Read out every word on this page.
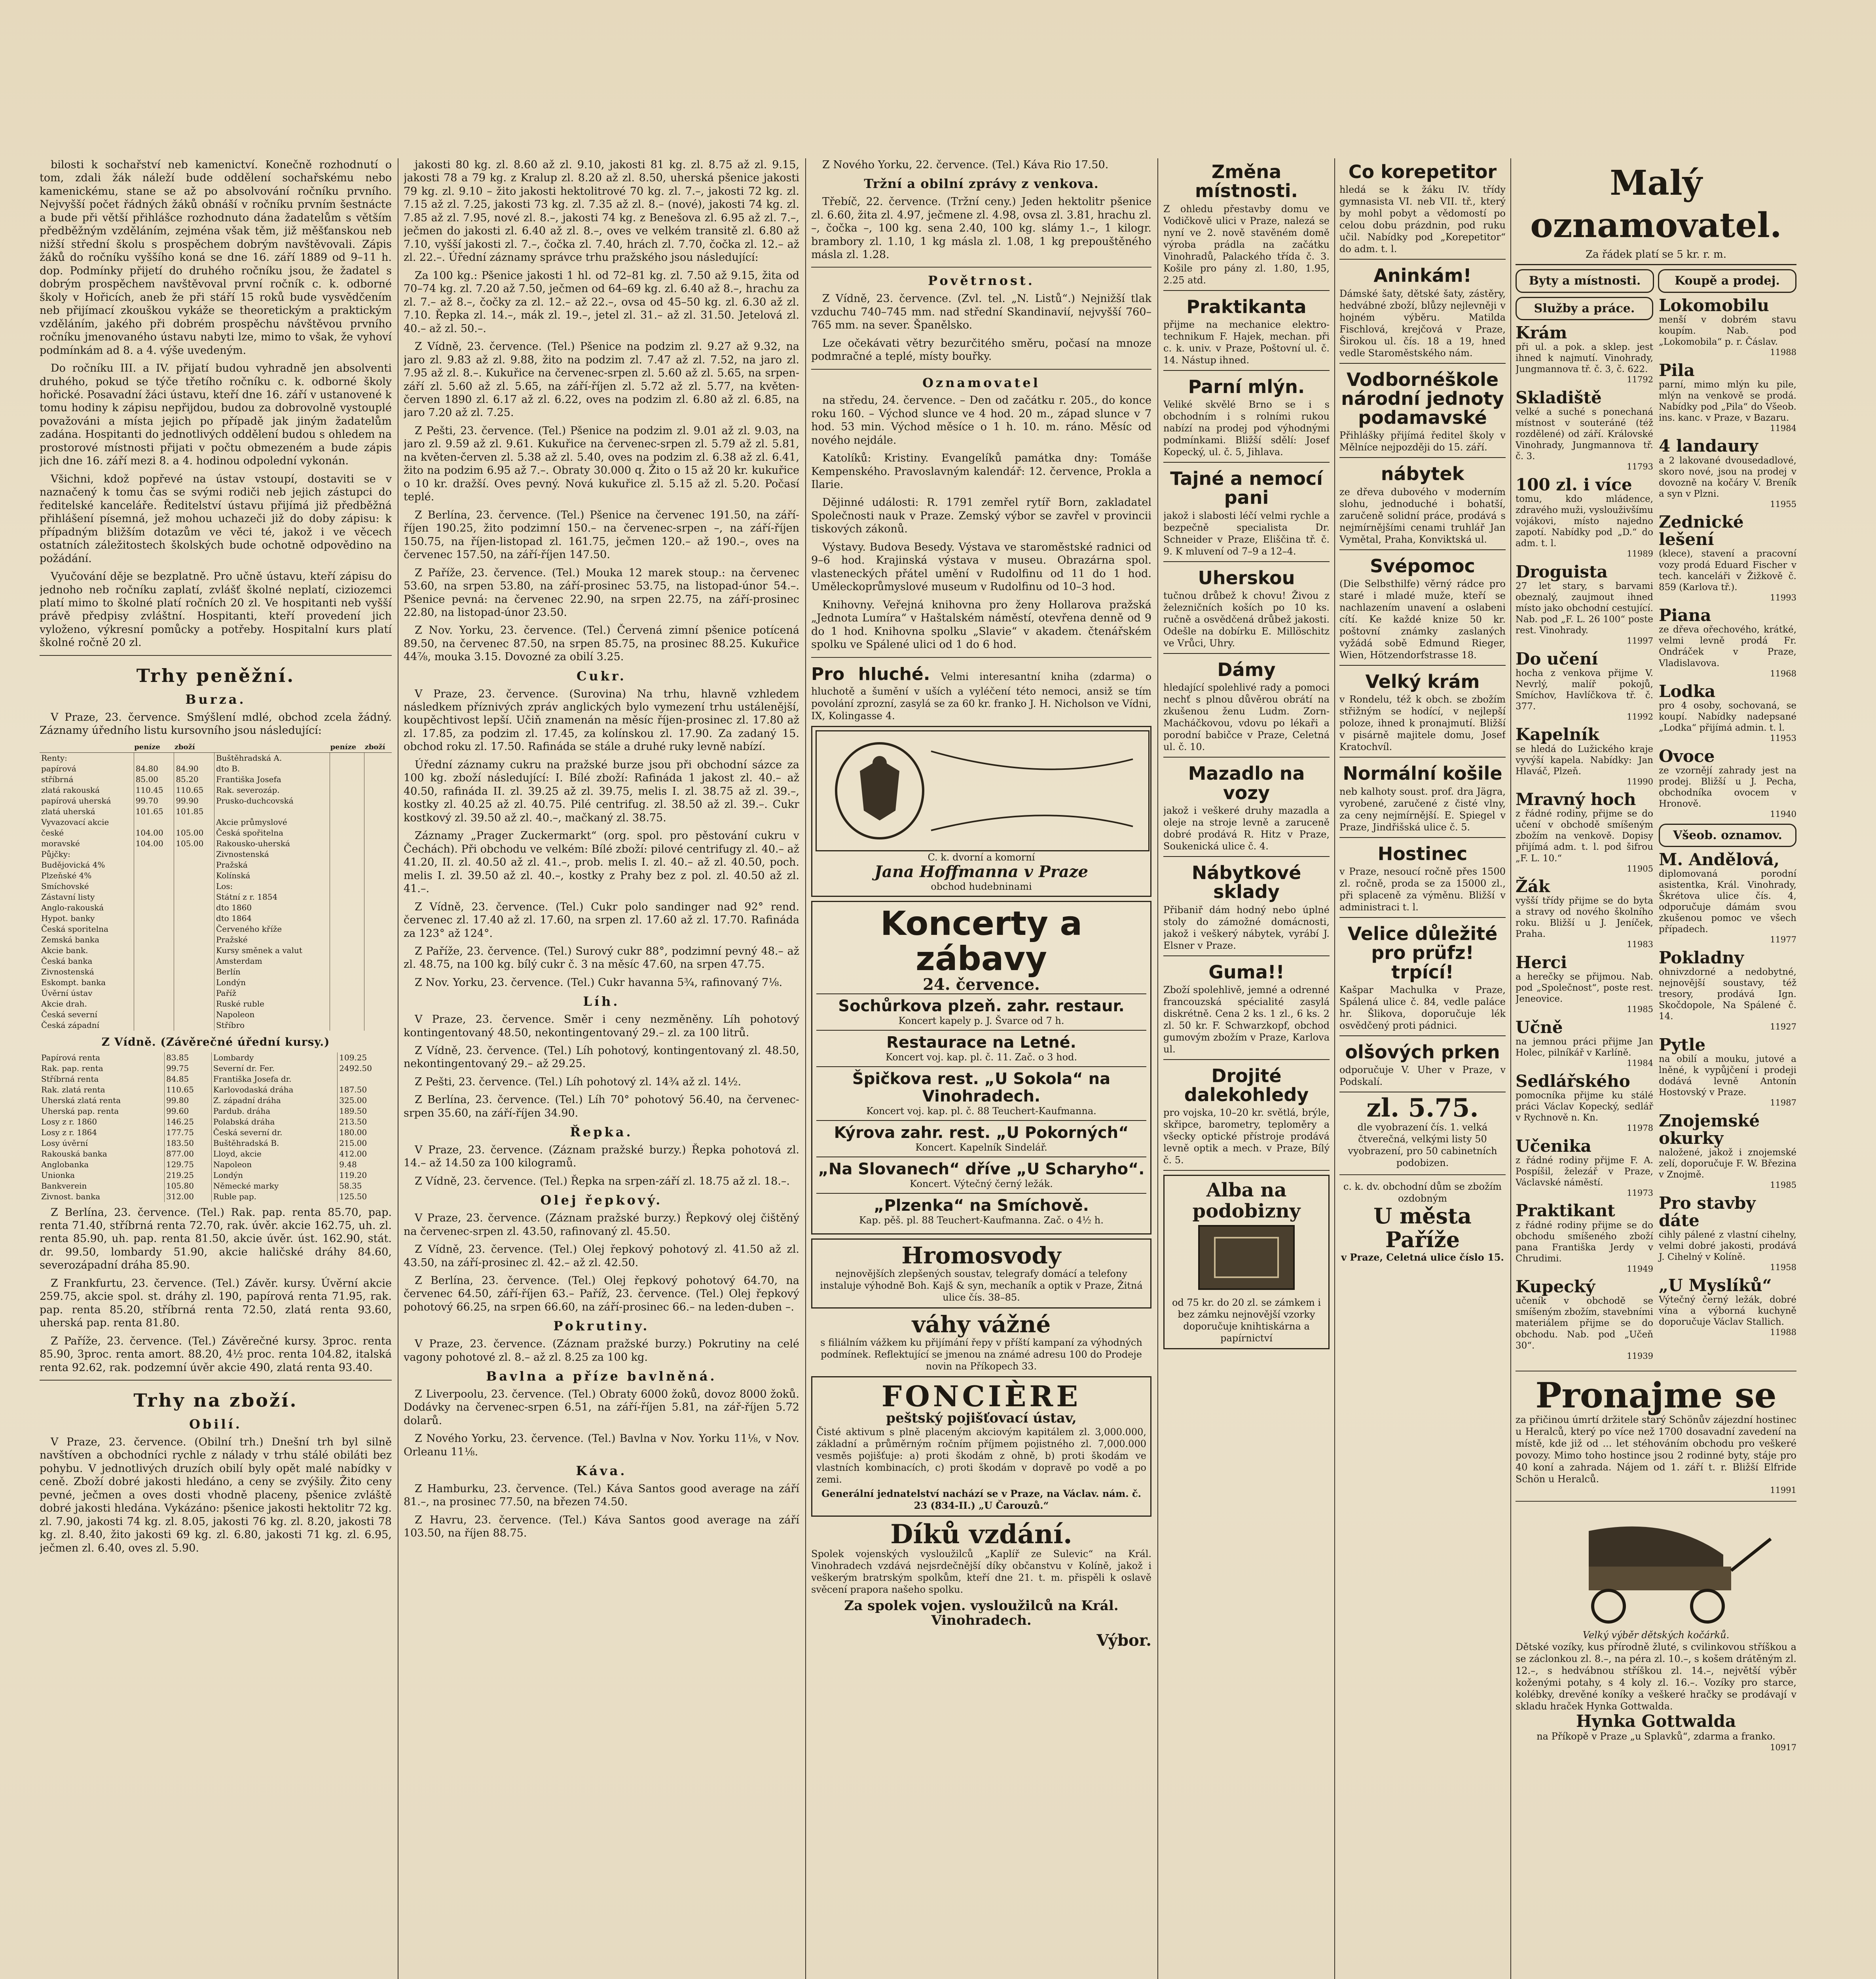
bilosti k sochařství neb kamenictví. Konečně rozhodnutí o tom, zdali žák náleží bude oddělení sochařskému nebo kamenickému, stane se až po absolvování ročníku prvního. Nejvyšší počet řádných žáků obnáší v ročníku prvním šestnácte a bude při větší přihlášce rozhodnuto dána žadatelům s větším předběžným vzděláním, zejména však těm, již měšťanskou neb nižší střední školu s prospěchem dobrým navštěvovali. Zápis žáků do ročníku vyššího koná se dne 16. září 1889 od 9–11 h. dop. Podmínky přijetí do druhého ročníku jsou, že žadatel s dobrým prospěchem navštěvoval první ročník c. k. odborné školy v Hořicích, aneb že při stáří 15 roků bude vysvědčením neb přijímací zkouškou vykáže se theoretickým a praktickým vzděláním, jakého při dobrém prospěchu návštěvou prvního ročníku jmenovaného ústavu nabyti lze, mimo to však, že vyhoví podmínkám ad 8. a 4. výše uvedeným.

Do ročníku III. a IV. přijatí budou vyhradně jen absolventi druhého, pokud se týče třetího ročníku c. k. odborné školy hořické. Posavadní žáci ústavu, kteří dne 16. září v ustanovené k tomu hodiny k zápisu nepřijdou, budou za dobrovolně vystouplé považováni a místa jejich po případě jak jiným žadatelům zadána. Hospitanti do jednotlivých oddělení budou s ohledem na prostorové místnosti přijati v počtu obmezeném a bude zápis jich dne 16. září mezi 8. a 4. hodinou odpolední vykonán.

Všichni, kdož popřevé na ústav vstoupí, dostaviti se v naznačený k tomu čas se svými rodiči neb jejich zástupci do ředitelské kanceláře. Ředitelství ústavu přijímá již předběžná přihlášení písemná, jež mohou uchazeči již do doby zápisu: k případným bližším dotazům ve věci té, jakož i ve věcech ostatních záležitostech školských bude ochotně odpovědino na požádání.

Vyučování děje se bezplatně. Pro učně ústavu, kteří zápisu do jednoho neb ročníku zaplatí, zvlášť školné neplatí, ciziozemci platí mimo to školné platí ročních 20 zl. Ve hospitanti neb vyšší právě předpisy zvláštní. Hospitanti, kteří provedení jich vyloženo, výkresní pomůcky a potřeby. Hospitalní kurs platí školné ročně 20 zl.

Trhy peněžní.
Burza.

V Praze, 23. července. Smýšlení mdlé, obchod zcela žádný. Záznamy úředního listu kursovního jsou následující:

	peníze	zboží		peníze	zboží
Renty:			Buštěhradská A.		
papírová	84.80	84.90	dto B.		
stříbrná	85.00	85.20	Františka Josefa		
zlatá rakouská	110.45	110.65	Rak. severozáp.		
papírová uherská	99.70	99.90	Prusko-duchcovská		
zlatá uherská	101.65	101.85			
Vyvazovací akcie			Akcie průmyslové		
české	104.00	105.00	Česká spořitelna		
moravské	104.00	105.00	Rakousko-uherská		
Půjčky:			Zivnostenská		
Budějovická 4%			Pražská		
Plzeňské 4%			Kolínská		
Smíchovské			Los:		
Zástavní listy			Státní z r. 1854		
Anglo-rakouská			dto 1860		
Hypot. banky			dto 1864		
Česká sporitelna			Červeného kříže		
Zemská banka			Pražské		
Akcie bank.			Kursy směnek a valut		
Česká banka			Amsterdam		
Zivnostenská			Berlín		
Eskompt. banka			Londýn		
Úvěrní ústav			Paříž		
Akcie drah.			Ruské ruble		
Česká severní			Napoleon		
Česká západní			Stříbro		
Z Vídně. (Závěrečné úřední kursy.)
Papírová renta	83.85	Lombardy	109.25
Rak. pap. renta	99.75	Severní dr. Fer.	2492.50
Stříbrná renta	84.85	Františka Josefa dr.	
Rak. zlatá renta	110.65	Karlovodaská dráha	187.50
Uherská zlatá renta	99.80	Z. západní dráha	325.00
Uherská pap. renta	99.60	Pardub. dráha	189.50
Losy z r. 1860	146.25	Polabská dráha	213.50
Losy z r. 1864	177.75	Česká severní dr.	180.00
Losy úvěrní	183.50	Buštěhradská B.	215.00
Rakouská banka	877.00	Lloyd, akcie	412.00
Anglobanka	129.75	Napoleon	9.48
Unionka	219.25	Londýn	119.20
Bankverein	105.80	Německé marky	58.35
Zivnost. banka	312.00	Ruble pap.	125.50

Z Berlína, 23. července. (Tel.) Rak. pap. renta 85.70, pap. renta 71.40, stříbrná renta 72.70, rak. úvěr. akcie 162.75, uh. zl. renta 85.90, uh. pap. renta 81.50, akcie úvěr. úst. 162.90, stát. dr. 99.50, lombardy 51.90, akcie haličské dráhy 84.60, severozápadní dráha 85.90.

Z Frankfurtu, 23. července. (Tel.) Závěr. kursy. Úvěrní akcie 259.75, akcie spol. st. dráhy zl. 190, papírová renta 71.95, rak. pap. renta 85.20, stříbrná renta 72.50, zlatá renta 93.60, uherská pap. renta 81.80.

Z Paříže, 23. července. (Tel.) Závěrečné kursy. 3proc. renta 85.90, 3proc. renta amort. 88.20, 4½ proc. renta 104.82, italská renta 92.62, rak. podzemní úvěr akcie 490, zlatá renta 93.40.

Trhy na zboží.
Obilí.

V Praze, 23. července. (Obilní trh.) Dnešní trh byl silně navštíven a obchodníci rychle z nálady v trhu stálé obiláti bez pohybu. V jednotlivých druzích obilí byly opět malé nabídky v ceně. Zboží dobré jakosti hledáno, a ceny se zvýšily. Žito ceny pevné, ječmen a oves dosti vhodně placeny, pšenice zvláště dobré jakosti hledána. Vykázáno: pšenice jakosti hektolitr 72 kg. zl. 7.90, jakosti 74 kg. zl. 8.05, jakosti 76 kg. zl. 8.20, jakosti 78 kg. zl. 8.40, žito jakosti 69 kg. zl. 6.80, jakosti 71 kg. zl. 6.95, ječmen zl. 6.40, oves zl. 5.90.

jakosti 80 kg. zl. 8.60 až zl. 9.10, jakosti 81 kg. zl. 8.75 až zl. 9.15, jakosti 78 a 79 kg. z Kralup zl. 8.20 až zl. 8.50, uherská pšenice jakosti 79 kg. zl. 9.10 – žito jakosti hektolitrové 70 kg. zl. 7.–, jakosti 72 kg. zl. 7.15 až zl. 7.25, jakosti 73 kg. zl. 7.35 až zl. 8.– (nové), jakosti 74 kg. zl. 7.85 až zl. 7.95, nové zl. 8.–, jakosti 74 kg. z Benešova zl. 6.95 až zl. 7.–, ječmen do jakosti zl. 6.40 až zl. 8.–, oves ve velkém transitě zl. 6.80 až 7.10, vyšší jakosti zl. 7.–, čočka zl. 7.40, hrách zl. 7.70, čočka zl. 12.– až zl. 22.–. Úřední záznamy správce trhu pražského jsou následující:

Za 100 kg.: Pšenice jakosti 1 hl. od 72–81 kg. zl. 7.50 až 9.15, žita od 70–74 kg. zl. 7.20 až 7.50, ječmen od 64–69 kg. zl. 6.40 až 8.–, hrachu za zl. 7.– až 8.–, čočky za zl. 12.– až 22.–, ovsa od 45–50 kg. zl. 6.30 až zl. 7.10. Řepka zl. 14.–, mák zl. 19.–, jetel zl. 31.– až zl. 31.50. Jetelová zl. 40.– až zl. 50.–.

Z Vídně, 23. července. (Tel.) Pšenice na podzim zl. 9.27 až 9.32, na jaro zl. 9.83 až zl. 9.88, žito na podzim zl. 7.47 až zl. 7.52, na jaro zl. 7.95 až zl. 8.–. Kukuřice na červenec-srpen zl. 5.60 až zl. 5.65, na srpen-září zl. 5.60 až zl. 5.65, na září-říjen zl. 5.72 až zl. 5.77, na květen-červen 1890 zl. 6.17 až zl. 6.22, oves na podzim zl. 6.80 až zl. 6.85, na jaro 7.20 až zl. 7.25.

Z Pešti, 23. července. (Tel.) Pšenice na podzim zl. 9.01 až zl. 9.03, na jaro zl. 9.59 až zl. 9.61. Kukuřice na červenec-srpen zl. 5.79 až zl. 5.81, na květen-červen zl. 5.38 až zl. 5.40, oves na podzim zl. 6.38 až zl. 6.41, žito na podzim 6.95 až 7.–. Obraty 30.000 q. Žito o 15 až 20 kr. kukuřice o 10 kr. dražší. Oves pevný. Nová kukuřice zl. 5.15 až zl. 5.20. Počasí teplé.

Z Berlína, 23. července. (Tel.) Pšenice na červenec 191.50, na září-říjen 190.25, žito podzimní 150.– na červenec-srpen –, na září-říjen 150.75, na říjen-listopad zl. 161.75, ječmen 120.– až 190.–, oves na červenec 157.50, na září-říjen 147.50.

Z Paříže, 23. července. (Tel.) Mouka 12 marek stoup.: na červenec 53.60, na srpen 53.80, na září-prosinec 53.75, na listopad-únor 54.–. Pšenice pevná: na červenec 22.90, na srpen 22.75, na září-prosinec 22.80, na listopad-únor 23.50.

Z Nov. Yorku, 23. července. (Tel.) Červená zimní pšenice potícená 89.50, na červenec 87.50, na srpen 85.75, na prosinec 88.25. Kukuřice 44⅞, mouka 3.15. Dovozné za obilí 3.25.

Cukr.

V Praze, 23. července. (Surovina) Na trhu, hlavně vzhledem následkem příznivých zpráv anglických bylo vymezení trhu ustálenější, koupěchtivost lepší. Učiň znamenán na měsíc říjen-prosinec zl. 17.80 až zl. 17.85, za podzim zl. 17.45, za kolínskou zl. 17.90. Za zadaný 15. obchod roku zl. 17.50. Rafináda se stále a druhé ruky levně nabízí.

Úřední záznamy cukru na pražské burze jsou při obchodní sázce za 100 kg. zboží následující: I. Bílé zboží: Rafináda 1 jakost zl. 40.– až 40.50, rafináda II. zl. 39.25 až zl. 39.75, melis I. zl. 38.75 až zl. 39.–, kostky zl. 40.25 až zl. 40.75. Pilé centrifug. zl. 38.50 až zl. 39.–. Cukr kostkový zl. 39.50 až zl. 40.–, mačkaný zl. 38.75.

Záznamy „Prager Zuckermarkt“ (org. spol. pro pěstování cukru v Čechách). Při obchodu ve velkém: Bílé zboží: pilové centrifugy zl. 40.– až 41.20, II. zl. 40.50 až zl. 41.–, prob. melis I. zl. 40.– až zl. 40.50, poch. melis I. zl. 39.50 až zl. 40.–, kostky z Prahy bez z pol. zl. 40.50 až zl. 41.–.

Z Vídně, 23. července. (Tel.) Cukr polo sandinger nad 92° rend. červenec zl. 17.40 až zl. 17.60, na srpen zl. 17.60 až zl. 17.70. Rafináda za 123° až 124°.

Z Paříže, 23. července. (Tel.) Surový cukr 88°, podzimní pevný 48.– až zl. 48.75, na 100 kg. bílý cukr č. 3 na měsíc 47.60, na srpen 47.75.

Z Nov. Yorku, 23. července. (Tel.) Cukr havanna 5¾, rafinovaný 7⅛.

Líh.

V Praze, 23. července. Směr i ceny nezměněny. Líh pohotový kontingentovaný 48.50, nekontingentovaný 29.– zl. za 100 litrů.

Z Vídně, 23. července. (Tel.) Líh pohotový, kontingentovaný zl. 48.50, nekontingentovaný 29.– až 29.25.

Z Pešti, 23. července. (Tel.) Líh pohotový zl. 14¾ až zl. 14½.

Z Berlína, 23. července. (Tel.) Líh 70° pohotový 56.40, na červenec-srpen 35.60, na září-říjen 34.90.

Řepka.

V Praze, 23. července. (Záznam pražské burzy.) Řepka pohotová zl. 14.– až 14.50 za 100 kilogramů.

Z Vídně, 23. července. (Tel.) Řepka na srpen-září zl. 18.75 až zl. 18.–.

Olej řepkový.

V Praze, 23. července. (Záznam pražské burzy.) Řepkový olej čištěný na červenec-srpen zl. 43.50, rafinovaný zl. 45.50.

Z Vídně, 23. července. (Tel.) Olej řepkový pohotový zl. 41.50 až zl. 43.50, na září-prosinec zl. 42.– až zl. 42.50.

Z Berlína, 23. července. (Tel.) Olej řepkový pohotový 64.70, na červenec 64.50, září-říjen 63.– Paříž, 23. července. (Tel.) Olej řepkový pohotový 66.25, na srpen 66.60, na září-prosinec 66.– na leden-duben –.

Pokrutiny.

V Praze, 23. července. (Záznam pražské burzy.) Pokrutiny na celé vagony pohotové zl. 8.– až zl. 8.25 za 100 kg.

Bavlna a příze bavlněná.

Z Liverpoolu, 23. července. (Tel.) Obraty 6000 žoků, dovoz 8000 žoků. Dodávky na červenec-srpen 6.51, na září-říjen 5.81, na zář-říjen 5.72 dolarů.

Z Nového Yorku, 23. července. (Tel.) Bavlna v Nov. Yorku 11⅛, v Nov. Orleanu 11⅛.

Káva.

Z Hamburku, 23. července. (Tel.) Káva Santos good average na září 81.–, na prosinec 77.50, na březen 74.50.

Z Havru, 23. července. (Tel.) Káva Santos good average na září 103.50, na říjen 88.75.

Z Nového Yorku, 22. července. (Tel.) Káva Rio 17.50.

Tržní a obilní zprávy z venkova.

Třebíč, 22. července. (Tržní ceny.) Jeden hektolitr pšenice zl. 6.60, žita zl. 4.97, ječmene zl. 4.98, ovsa zl. 3.81, hrachu zl. –, čočka –, 100 kg. sena 2.40, 100 kg. slámy 1.–, 1 kilogr. brambory zl. 1.10, 1 kg másla zl. 1.08, 1 kg prepouštěného másla zl. 1.28.

Povětrnost.

Z Vídně, 23. července. (Zvl. tel. „N. Listů“.) Nejnižší tlak vzduchu 740–745 mm. nad střední Skandinavií, nejvyšší 760–765 mm. na sever. Španělsko.

Lze očekávati větry bezurčitého směru, počasí na mnoze podmračné a teplé, místy bouřky.

Oznamovatel

na středu, 24. července. – Den od začátku r. 205., do konce roku 160. – Východ slunce ve 4 hod. 20 m., západ slunce v 7 hod. 53 min. Východ měsíce o 1 h. 10. m. ráno. Měsíc od nového nejdále.

Katolíků: Kristiny. Evangelíků památka dny: Tomáše Kempenského. Pravoslavným kalendář: 12. července, Prokla a Ilarie.

Dějinné události: R. 1791 zemřel rytíř Born, zakladatel Společnosti nauk v Praze. Zemský výbor se zavřel v provincii tiskových zákonů.

Výstavy. Budova Besedy. Výstava ve staroměstské radnici od 9–6 hod. Krajinská výstava v museu. Obrazárna spol. vlasteneckých přátel umění v Rudolfinu od 11 do 1 hod. Uměleckoprůmyslové museum v Rudolfinu od 10–3 hod.

Knihovny. Veřejná knihovna pro ženy Hollarova pražská „Jednota Lumíra“ v Haštalském náměstí, otevřena denně od 9 do 1 hod. Knihovna spolku „Slavie“ v akadem. čtenářském spolku ve Spálené ulici od 1 do 6 hod.

Pro hluché. Velmi interesantní kniha (zdarma) o hluchotě a šumění v uších a vyléčení této nemoci, ansiž se tím povolání zprozní, zasylá se za 60 kr. franko J. H. Nicholson ve Vídni, IX, Kolingasse 4.
C. k. dvorní a komorní
Jana Hoffmanna v Praze
obchod hudebninami
Koncerty a zábavy
24. července.
Sochůrkova plzeň. zahr. restaur.
Koncert kapely p. J. Švarce od 7 h.
Restaurace na Letné.
Koncert voj. kap. pl. č. 11. Zač. o 3 hod.
Špičkova rest. „U Sokola“ na Vinohradech.
Koncert voj. kap. pl. č. 88 Teuchert-Kaufmanna.
Kýrova zahr. rest. „U Pokorných“
Koncert. Kapelník Sindelář.
„Na Slovanech“ dříve „U Scharyho“.
Koncert. Výtečný černý ležák.
„Plzenka“ na Smíchově.
Kap. pěš. pl. 88 Teuchert-Kaufmanna. Zač. o 4½ h.
Hromosvody
nejnovějších zlepšených soustav, telegrafy domácí a telefony instaluje výhodně Boh. Kajš & syn, mechaník a optik v Praze, Žitná ulice čís. 38–85.
váhy vážné
s filiálním vážkem ku přijímání řepy v příští kampaní za výhodných podmínek. Reflektující se jmenou na známé adresu 100 do Prodeje novin na Příkopech 33.
FONCIÈRE
peštský pojišťovací ústav,
Čisté aktivum s plně placeným akciovým kapitálem zl. 3,000.000, základní a průměrným ročním příjmem pojistného zl. 7,000.000 vesměs pojišťuje: a) proti škodám z ohně, b) proti škodám ve vlastních kombinacích, c) proti škodám v dopravě po vodě a po zemi.
Generální jednatelství nachází se v Praze, na Václav. nám. č. 23 (834-II.) „U Čarouzů.“
Díků vzdání.
Spolek vojenských vysloužilců „Kaplíř ze Sulevic“ na Král. Vinohradech vzdává nejsrdečnější díky občanstvu v Kolíně, jakož i veškerým bratrským spolkům, kteří dne 21. t. m. přispěli k oslavě svěcení prapora našeho spolku.
Za spolek vojen. vysloužilců na Král. Vinohradech.
Výbor.
Změna místnosti.
Z ohledu přestavby domu ve Vodičkově ulici v Praze, nalezá se nyní ve 2. nově stavěném domě výroba prádla na začátku Vinohradů, Palackého třída č. 3. Košile pro pány zl. 1.80, 1.95, 2.25 atd.
Praktikanta
přijme na mechanice elektro-technikum F. Hajek, mechan. při c. k. univ. v Praze, Poštovní ul. č. 14. Nástup ihned.
Parní mlýn.
Veliké skvělé Brno se i s obchodním i s rolními rukou nabízí na prodej pod výhodnými podmínkami. Bližší sdělí: Josef Kopecký, ul. č. 5, Jihlava.
Tajné a nemocí pani
jakož i slabosti léčí velmi rychle a bezpečně specialista Dr. Schneider v Praze, Eliščina tř. č. 9. K mluvení od 7–9 a 12–4.
Uherskou
tučnou drůbež k chovu! Živou z železničních koších po 10 ks. ručně a osvědčená drůbež jakosti. Odešle na dobírku E. Millöschitz ve Vrůci, Uhry.
Dámy
hledající spolehlivé rady a pomoci nechť s plnou důvěrou obrátí na zkušenou ženu Ludm. Zorn-Macháčkovou, vdovu po lékaři a porodní babičce v Praze, Celetná ul. č. 10.
Mazadlo na vozy
jakož i veškeré druhy mazadla a oleje na stroje levně a zaruceně dobré prodává R. Hitz v Praze, Soukenická ulice č. 4.
Nábytkové sklady
Přibaniř dám hodný nebo úplné stoly do zámožné domácnosti, jakož i veškerý nábytek, vyrábí J. Elsner v Praze.
Guma!!
Zboží spolehlivě, jemné a odrenné francouzská spécialité zasylá diskrétně. Cena 2 ks. 1 zl., 6 ks. 2 zl. 50 kr. F. Schwarzkopf, obchod gumovým zbožím v Praze, Karlova ul.
Drojité dalekohledy
pro vojska, 10–20 kr. světlá, brýle, skřipce, barometry, teploměry a všecky optické přístroje prodává levně optik a mech. v Praze, Bílý č. 5.
Alba na podobizny
od 75 kr. do 20 zl. se zámkem i bez zámku nejnovější vzorky doporučuje knihtiskárna a papírnictví
Co korepetitor
hledá se k žáku IV. třídy gymnasista VI. neb VII. tř., který by mohl pobyt a vědomostí po celou dobu prázdnin, pod ruku učil. Nabídky pod „Korepetitor“ do adm. t. l.
Aninkám!
Dámské šaty, dětské šaty, zástěry, hedvábné zboží, blůzy nejlevněji v hojném výběru. Matilda Fischlová, krejčová v Praze, Širokou ul. čís. 18 a 19, hned vedle Staroměstského nám.
Vodbornéškole národní jednoty podamavské
Přihlášky přijímá ředitel školy v Mělníce nejpozději do 15. září.
nábytek
ze dřeva dubového v moderním slohu, jednoduché i bohatší, zaručeně solidní práce, prodává s nejmírnějšími cenami truhlář Jan Vymětal, Praha, Konviktská ul.
Svépomoc
(Die Selbsthilfe) věrný rádce pro staré i mladé muže, kteří se nachlazením unavení a oslabeni cítí. Ke každé knize 50 kr. poštovní známky zaslaných vyžádá sobě Edmund Rieger, Wien, Hötzendorfstrasse 18.
Velký krám
v Rondelu, též k obch. se zbožím střižným se hodící, v nejlepší poloze, ihned k pronajmutí. Bližší v pisárně majitele domu, Josef Kratochvíl.
Normální košile
neb kalhoty soust. prof. dra Jägra, vyrobené, zaručené z čisté vlny, za ceny nejmírnější. E. Spiegel v Praze, Jindřišská ulice č. 5.
Hostinec
v Praze, nesoucí ročně přes 1500 zl. ročně, proda se za 15000 zl., při splaceně za výměnu. Bližší v administraci t. l.
Velice důležité pro prüfz! trpící!
Kašpar Machulka v Praze, Spálená ulice č. 84, vedle paláce hr. Šlikova, doporučuje lék osvědčený proti pádnici.
olšových prken
odporučuje V. Uher v Praze, v Podskalí.
zl. 5.75.
dle vyobrazení čís. 1. velká čtverečná, velkými listy 50 vyobrazení, pro 50 cabinetních podobizen.
c. k. dv. obchodní dům se zbožím ozdobným
U města Paříže
v Praze, Celetná ulice číslo 15.
Malý oznamovatel.
Za řádek platí se 5 kr. r. m.
Byty a místnosti.	Koupě a prodej.
Služby a práce.
Krám
při ul. a pok. a sklep. jest ihned k najmutí. Vinohrady, Jungmannova tř. č. 3, č. 622.
11792
Skladiště
velké a suché s ponechaná místnost v souteráné (též rozdělené) od září. Královské Vinohrady, Jungmannova tř. č. 3.
11793
100 zl. i více
tomu, kdo mládence, zdravého muži, vyslouživšímu vojákovi, místo najedno zapotí. Nabídky pod „D.“ do adm. t. l.
11989
Droguista
27 let stary, s barvami obeznalý, zaujmout ihned místo jako obchodní cestující. Nab. pod „F. L. 26 100“ poste rest. Vinohrady.
11997
Do učení
hocha z venkova přijme V. Nevrlý, malíř pokojů, Smíchov, Havlíčkova tř. č. 377.
11992
Kapelník
se hledá do Lužického kraje vyvýší kapela. Nabídky: Jan Hlaváč, Plzeň.
11990
Mravný hoch
z řádné rodiny, přijme se do učení v obchodě smíšeným zbožím na venkově. Dopisy přijímá adm. t. l. pod šifrou „F. L. 10.“
11905
Žák
vyšší třídy přijme se do byta a stravy od nového školního roku. Bližší u J. Jeníček, Praha.
11983
Herci
a herečky se přijmou. Nab. pod „Společnost“, poste rest. Jeneovice.
11985
Učně
na jemnou práci přijme Jan Holec, pilníkář v Karlíně.
11984
Sedlářského
pomocníka přijme ku stálé práci Václav Kopecký, sedlář v Rychnově n. Kn.
11978
Učenika
z řádné rodiny přijme F. A. Pospíšil, železář v Praze, Václavské náměstí.
11973
Praktikant
z řádné rodiny přijme se do obchodu smíšeného zboží pana Františka Jerdy v Chrudimi.
11949
Kupecký
učeník v obchodě se smíšeným zbožím, stavebními materiálem přijme se do obchodu. Nab. pod „Učeň 30“.
11939
Lokomobilu
menší v dobrém stavu koupím. Nab. pod „Lokomobila“ p. r. Čáslav.
11988
Pila
parní, mimo mlýn ku pile, mlýn na venkově se prodá. Nabídky pod „Pila“ do Všeob. ins. kanc. v Praze, v Bazaru.
11984
4 landaury
a 2 lakované dvousedadlové, skoro nové, jsou na prodej v dovozně na kočáry V. Breník a syn v Plzni.
11955
Zednické lešení
(klece), stavení a pracovní vozy prodá Eduard Fischer v tech. kanceláři v Žižkově č. 859 (Karlova tř.).
11993
Piana
ze dřeva ořechového, krátké, velmi levně prodá Fr. Ondráček v Praze, Vladislavova.
11968
Lodka
pro 4 osoby, sochovaná, se koupí. Nabídky nadepsané „Lodka“ přijímá admin. t. l.
11953
Ovoce
ze vzornějí zahrady jest na prodej. Bližší u J. Pecha, obchodníka ovocem v Hronově.
11940
Všeob. oznamov.
M. Andělová,
diplomovaná porodní asistentka, Král. Vinohrady, Škrétova ulice čís. 4, odporučuje dámám svou zkušenou pomoc ve všech případech.
11977
Pokladny
ohnivzdorné a nedobytné, nejnovější soustavy, též tresory, prodává Ign. Skočdopole, Na Spálené č. 14.
11927
Pytle
na obilí a mouku, jutové a lněné, k vypůjčení i prodeji dodává levně Antonín Hostovský v Praze.
11987
Znojemské okurky
naložené, jakož i znojemské zelí, doporučuje F. W. Březina v Znojmě.
11985
Pro stavby dáte
cihly pálené z vlastní cihelny, velmi dobré jakosti, prodává J. Cihelný v Kolíně.
11958
„U Myslíků“
Výtečný černý ležák, dobré vína a výborná kuchyně doporučuje Václav Stallich.
11988
Pronajme se
za přičinou úmrtí držitele starý Schönův zájezdní hostinec u Heralců, který po více než 1700 dosavadní zavedení na místě, kde již od ... let stéhováním obchodu pro veškeré povozy. Mimo toho hostince jsou 2 rodinné byty, stáje pro 40 koní a zahrada. Nájem od 1. září t. r. Bližší Elfride Schön u Heralců.
11991
Velký výběr dětských kočárků.
Dětské vozíky, kus přírodně žluté, s cvilinkovou stříškou a se záclonkou zl. 8.–, na péra zl. 10.–, s košem drátěným zl. 12.–, s hedvábnou stříškou zl. 14.–, největší výběr koženými potahy, s 4 koly zl. 16.–. Vozíky pro starce, kolébky, drevěné koníky a veškeré hračky se prodávají v skladu hraček Hynka Gottwalda.
Hynka Gottwalda
na Příkopě v Praze „u Splavků“, zdarma a franko.
10917
